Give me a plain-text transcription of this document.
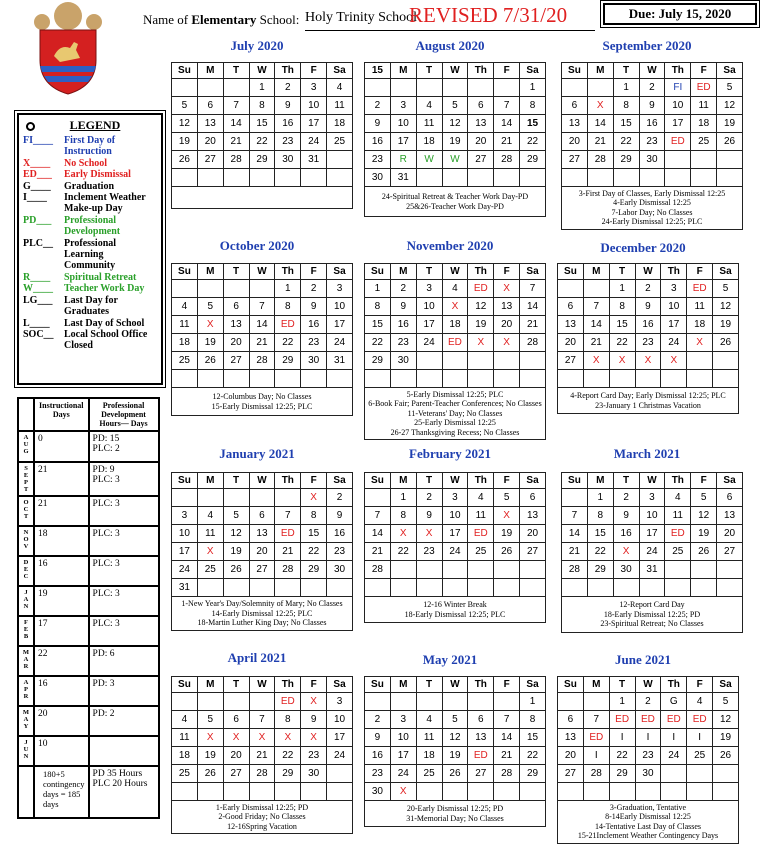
Name of Elementary School: Holy Trinity School
REVISED 7/31/20	Due: July 15, 2020
LEGEND
FI____	First Day of Instruction
X____	No School
ED___	Early Dismissal
G____	Graduation
I____	Inclement Weather Make-up Day
PD___	Professional Development
PLC__	Professional Learning Community
R____	Spiritual Retreat
W____	Teacher Work Day
LG___	Last Day for Graduates
L____	Last Day of School
SOC__	Local School Office Closed
	Instructional Days	Professional Development Hours— Days
A
U
G	0	PD: 15
PLC: 2
S
E
P
T	21	PD: 9
PLC: 3
O
C
T	21	PLC: 3
N
O
V	18	PLC: 3
D
E
C	16	PLC: 3
J
A
N	19	PLC: 3
F
E
B	17	PLC: 3
M
A
R	22	PD: 6
A
P
R	16	PD: 3
M
A
Y	20	PD: 2
J
U
N	10	
	180+5 contingency days = 185 days	PD 35 Hours
PLC 20 Hours
July 2020
Su	M	T	W	Th	F	Sa
			1	2	3	4
5	6	7	8	9	10	11
12	13	14	15	16	17	18
19	20	21	22	23	24	25
26	27	28	29	30	31	

August 2020
15	M	T	W	Th	F	Sa
						1
2	3	4	5	6	7	8
9	10	11	12	13	14	15
16	17	18	19	20	21	22
23	R	W	W	27	28	29
30	31					
24-Spiritual Retreat & Teacher Work Day-PD
25&26-Teacher Work Day-PD						
September 2020
Su	M	T	W	Th	F	Sa
		1	2	FI	ED	5
6	X	8	9	10	11	12
13	14	15	16	17	18	19
20	21	22	23	ED	25	26
27	28	29	30			

3-First Day of Classes, Early Dismissal 12:25
4-Early Dismissal 12:25
7-Labor Day; No Classes
24-Early Dismissal 12:25; PLC						
October 2020
Su	M	T	W	Th	F	Sa
				1	2	3
4	5	6	7	8	9	10
11	X	13	14	ED	16	17
18	19	20	21	22	23	24
25	26	27	28	29	30	31

12-Columbus Day; No Classes
15-Early Dismissal 12:25; PLC						
November 2020
Su	M	T	W	Th	F	Sa
1	2	3	4	ED	X	7
8	9	10	X	12	13	14
15	16	17	18	19	20	21
22	23	24	ED	X	X	28
29	30					

5-Early Dismissal 12:25; PLC
6-Book Fair; Parent-Teacher Conferences; No Classes
11-Veterans' Day; No Classes
25-Early Dismissal 12:25
26-27 Thanksgiving Recess; No Classes						
December 2020
Su	M	T	W	Th	F	Sa
		1	2	3	ED	5
6	7	8	9	10	11	12
13	14	15	16	17	18	19
20	21	22	23	24	X	26
27	X	X	X	X		

4-Report Card Day; Early Dismissal 12:25; PLC
23-January 1 Christmas Vacation						
January 2021
Su	M	T	W	Th	F	Sa
					X	2
3	4	5	6	7	8	9
10	11	12	13	ED	15	16
17	X	19	20	21	22	23
24	25	26	27	28	29	30
31						
1-New Year's Day/Solemnity of Mary; No Classes
14-Early Dismissal 12:25; PLC
18-Martin Luther King Day; No Classes						
February 2021
Su	M	T	W	Th	F	Sa
	1	2	3	4	5	6
7	8	9	10	11	X	13
14	X	X	17	ED	19	20
21	22	23	24	25	26	27
28						

12-16 Winter Break
18-Early Dismissal 12:25; PLC						
March 2021
Su	M	T	W	Th	F	Sa
	1	2	3	4	5	6
7	8	9	10	11	12	13
14	15	16	17	ED	19	20
21	22	X	24	25	26	27
28	29	30	31			

12-Report Card Day
18-Early Dismissal 12:25; PD
23-Spiritual Retreat; No Classes						
April 2021
Su	M	T	W	Th	F	Sa
				ED	X	3
4	5	6	7	8	9	10
11	X	X	X	X	X	17
18	19	20	21	22	23	24
25	26	27	28	29	30	

1-Early Dismissal 12:25; PD
2-Good Friday; No Classes
12-16Spring Vacation						
May 2021
Su	M	T	W	Th	F	Sa
						1
2	3	4	5	6	7	8
9	10	11	12	13	14	15
16	17	18	19	ED	21	22
23	24	25	26	27	28	29
30	X					
20-Early Dismissal 12:25; PD
31-Memorial Day; No Classes						
June 2021
Su	M	T	W	Th	F	Sa
		1	2	G	4	5
6	7	ED	ED	ED	ED	12
13	ED	I	I	I	I	19
20	I	22	23	24	25	26
27	28	29	30			

3-Graduation, Tentative
8-14Early Dismissal 12:25
14-Tentative Last Day of Classes
15-21Inclement Weather Contingency Days						
